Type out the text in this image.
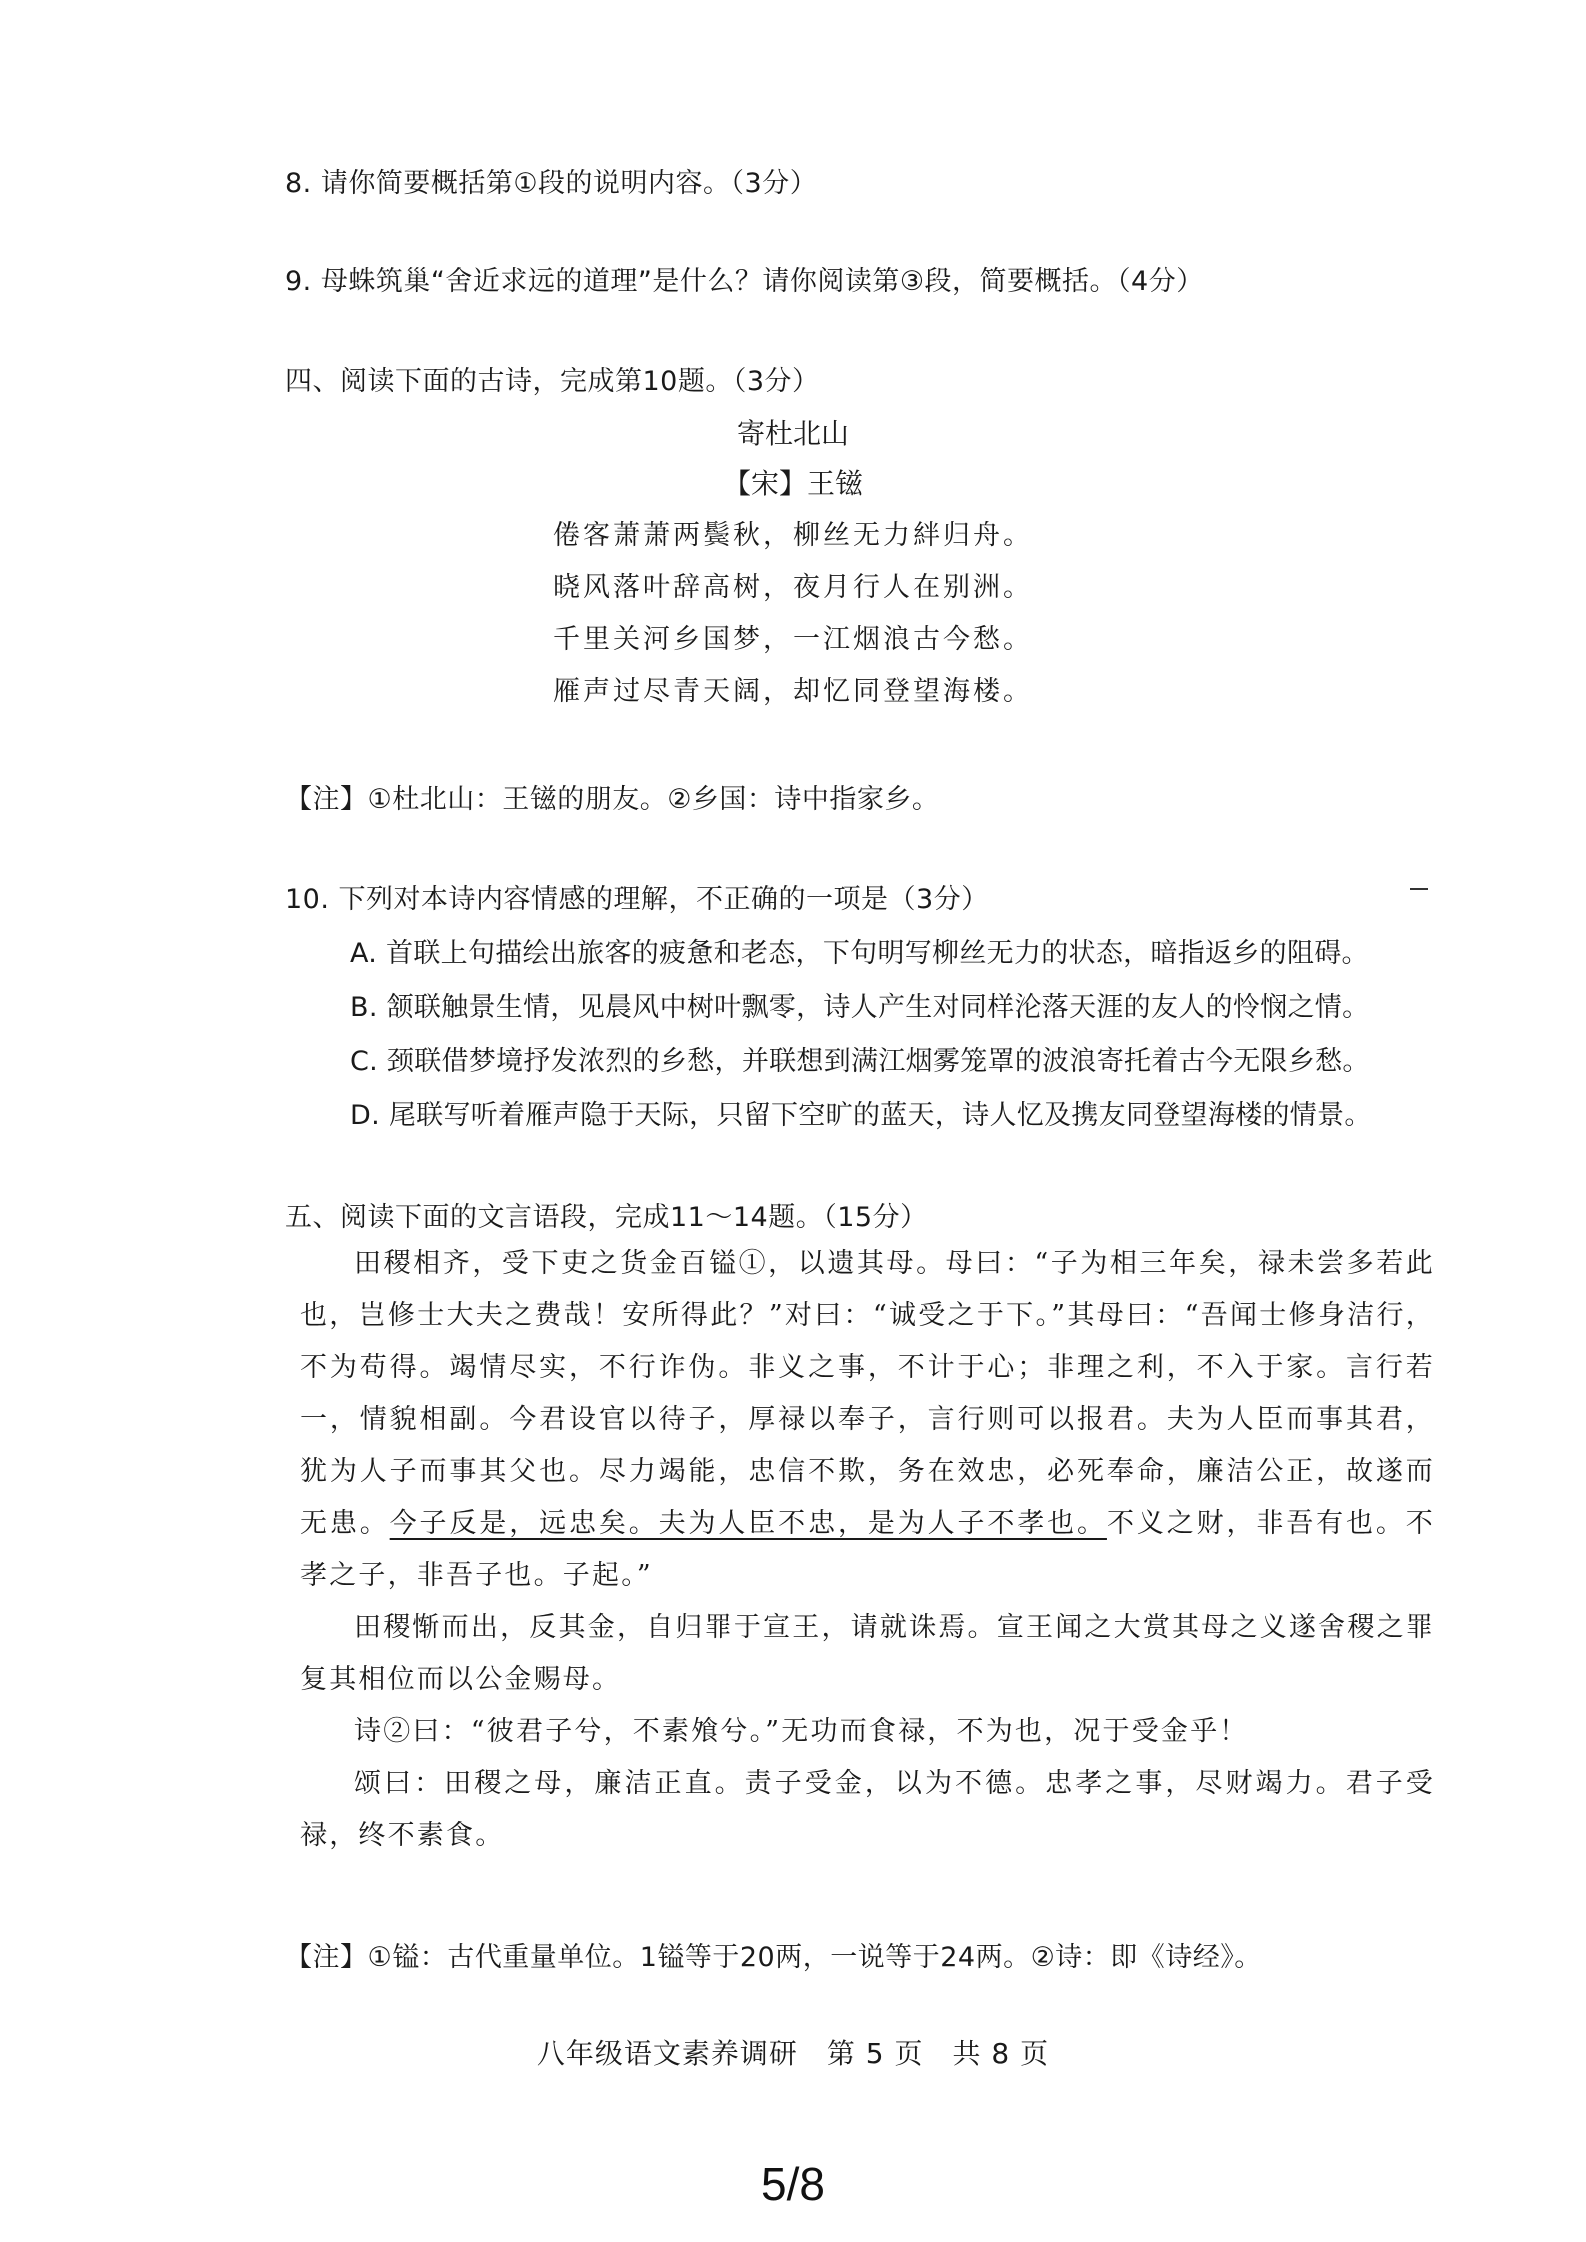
8. 请你简要概括第①段的说明内容。（3分）
9. 母蛛筑巢“舍近求远的道理”是什么？请你阅读第③段，简要概括。（4分）
四、阅读下面的古诗，完成第10题。（3分）
寄杜北山
【宋】王镃
倦客萧萧两鬓秋，柳丝无力絆归舟。
晓风落叶辞高树，夜月行人在别洲。
千里关河乡国梦，一江烟浪古今愁。
雁声过尽青天阔，却忆同登望海楼。
【注】①杜北山：王镃的朋友。②乡国：诗中指家乡。
10. 下列对本诗内容情感的理解，不正确的一项是（3分）
A. 首联上句描绘出旅客的疲惫和老态，下句明写柳丝无力的状态，暗指返乡的阻碍。
B. 颔联触景生情，见晨风中树叶飘零，诗人产生对同样沦落天涯的友人的怜悯之情。
C. 颈联借梦境抒发浓烈的乡愁，并联想到满江烟雾笼罩的波浪寄托着古今无限乡愁。
D. 尾联写听着雁声隐于天际，只留下空旷的蓝天，诗人忆及携友同登望海楼的情景。
五、阅读下面的文言语段，完成11～14题。（15分）

田稷相齐，受下吏之货金百镒①，以遗其母。母曰：“子为相三年矣，禄未尝多若此也，岂修士大夫之费哉！安所得此？”对曰：“诚受之于下。”其母曰：“吾闻士修身洁行，不为苟得。竭情尽实，不行诈伪。非义之事，不计于心；非理之利，不入于家。言行若一，情貌相副。今君设官以待子，厚禄以奉子，言行则可以报君。夫为人臣而事其君，犹为人子而事其父也。尽力竭能，忠信不欺，务在效忠，必死奉命，廉洁公正，故遂而无患。今子反是，远忠矣。夫为人臣不忠，是为人子不孝也。不义之财，非吾有也。不孝之子，非吾子也。子起。”

田稷惭而出，反其金，自归罪于宣王，请就诛焉。宣王闻之大赏其母之义遂舍稷之罪复其相位而以公金赐母。

诗②曰：“彼君子兮，不素飧兮。”无功而食禄，不为也，况于受金乎！

颂曰：田稷之母，廉洁正直。责子受金，以为不德。忠孝之事，尽财竭力。君子受禄，终不素食。

【注】①镒：古代重量单位。1镒等于20两，一说等于24两。②诗：即《诗经》。
八年级语文素养调研　第 5 页　共 8 页
5/8
